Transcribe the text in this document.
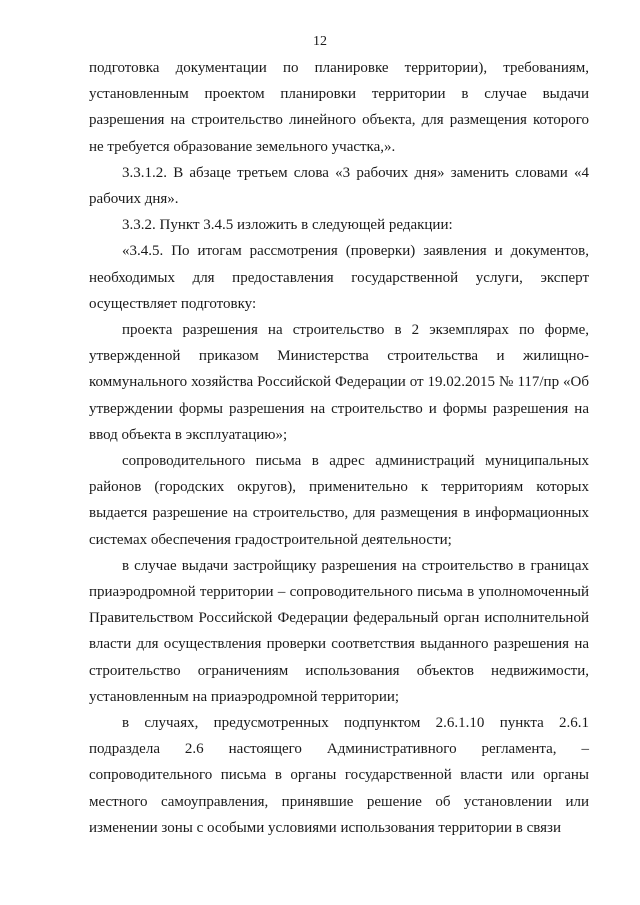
12

подготовка документации по планировке территории), требованиям, установленным проектом планировки территории в случае выдачи разрешения на строительство линейного объекта, для размещения которого не требуется образование земельного участка,».

3.3.1.2. В абзаце третьем слова «3 рабочих дня» заменить словами «4 рабочих дня».

3.3.2. Пункт 3.4.5 изложить в следующей редакции:

«3.4.5. По итогам рассмотрения (проверки) заявления и документов, необходимых для предоставления государственной услуги, эксперт осуществляет подготовку:

проекта разрешения на строительство в 2 экземплярах по форме, утвержденной приказом Министерства строительства и жилищно-коммунального хозяйства Российской Федерации от 19.02.2015 № 117/пр «Об утверждении формы разрешения на строительство и формы разрешения на ввод объекта в эксплуатацию»;

сопроводительного письма в адрес администраций муниципальных районов (городских округов), применительно к территориям которых выдается разрешение на строительство, для размещения в информационных системах обеспечения градостроительной деятельности;

в случае выдачи застройщику разрешения на строительство в границах приаэродромной территории – сопроводительного письма в уполномоченный Правительством Российской Федерации федеральный орган исполнительной власти для осуществления проверки соответствия выданного разрешения на строительство ограничениям использования объектов недвижимости, установленным на приаэродромной территории;

в случаях, предусмотренных подпунктом 2.6.1.10 пункта 2.6.1 подраздела 2.6 настоящего Административного регламента, – сопроводительного письма в органы государственной власти или органы местного самоуправления, принявшие решение об установлении или изменении зоны с особыми условиями использования территории в связи
